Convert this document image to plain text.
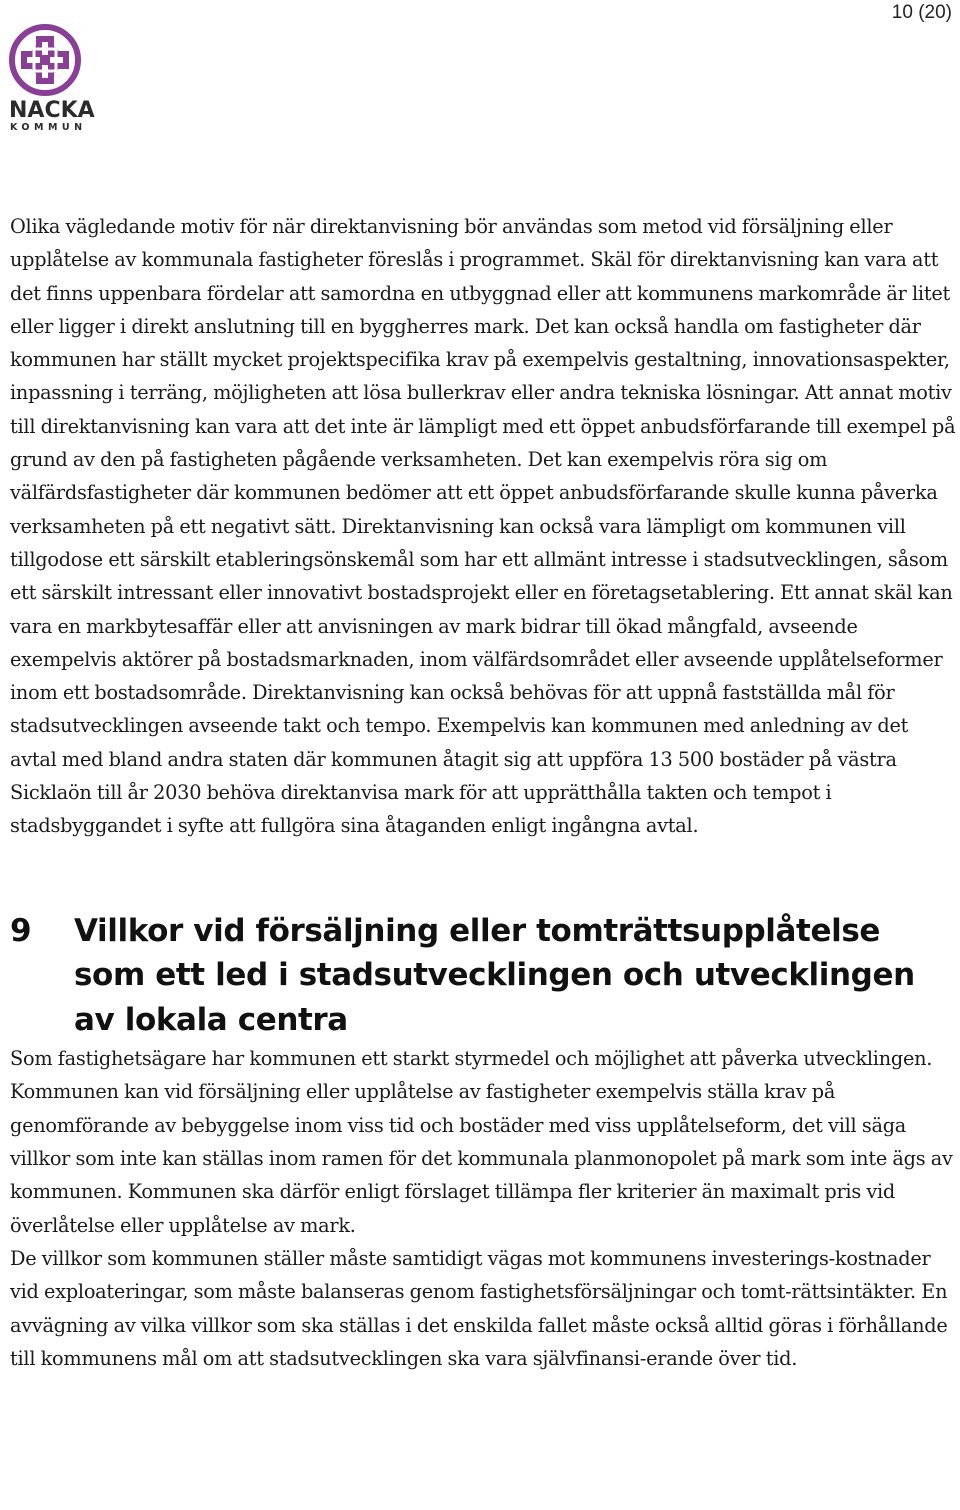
10 (20)
NACKA
KOMMUN

Olika vägledande motiv för när direktanvisning bör användas som metod vid försäljning eller upplåtelse av kommunala fastigheter föreslås i programmet. Skäl för direktanvisning kan vara att det finns uppenbara fördelar att samordna en utbyggnad eller att kommunens markområde är litet eller ligger i direkt anslutning till en byggherres mark. Det kan också handla om fastigheter där kommunen har ställt mycket projektspecifika krav på exempelvis gestaltning, innovationsaspekter, inpassning i terräng, möjligheten att lösa bullerkrav eller andra tekniska lösningar. Att annat motiv till direktanvisning kan vara att det inte är lämpligt med ett öppet anbudsförfarande till exempel på grund av den på fastigheten pågående verksamheten. Det kan exempelvis röra sig om välfärdsfastigheter där kommunen bedömer att ett öppet anbudsförfarande skulle kunna påverka verksamheten på ett negativt sätt. Direktanvisning kan också vara lämpligt om kommunen vill tillgodose ett särskilt etableringsönskemål som har ett allmänt intresse i stadsutvecklingen, såsom ett särskilt intressant eller innovativt bostadsprojekt eller en företagsetablering. Ett annat skäl kan vara en markbytesaffär eller att anvisningen av mark bidrar till ökad mångfald, avseende exempelvis aktörer på bostadsmarknaden, inom välfärdsområdet eller avseende upplåtelseformer inom ett bostadsområde. Direktanvisning kan också behövas för att uppnå fastställda mål för stadsutvecklingen avseende takt och tempo. Exempelvis kan kommunen med anledning av det avtal med bland andra staten där kommunen åtagit sig att uppföra 13 500 bostäder på västra Sicklaön till år 2030 behöva direktanvisa mark för att upprätthålla takten och tempot i stadsbyggandet i syfte att fullgöra sina åtaganden enligt ingångna avtal.

9	Villkor vid försäljning eller tomträttsupplåtelse som ett led i stadsutvecklingen och utvecklingen av lokala centra

Som fastighetsägare har kommunen ett starkt styrmedel och möjlighet att påverka utvecklingen. Kommunen kan vid försäljning eller upplåtelse av fastigheter exempelvis ställa krav på genomförande av bebyggelse inom viss tid och bostäder med viss upplåtelseform, det vill säga villkor som inte kan ställas inom ramen för det kommunala planmonopolet på mark som inte ägs av kommunen. Kommunen ska därför enligt förslaget tillämpa fler kriterier än maximalt pris vid överlåtelse eller upplåtelse av mark.

De villkor som kommunen ställer måste samtidigt vägas mot kommunens investerings-kostnader vid exploateringar, som måste balanseras genom fastighetsförsäljningar och tomt-rättsintäkter. En avvägning av vilka villkor som ska ställas i det enskilda fallet måste också alltid göras i förhållande till kommunens mål om att stadsutvecklingen ska vara självfinansi-erande över tid.
